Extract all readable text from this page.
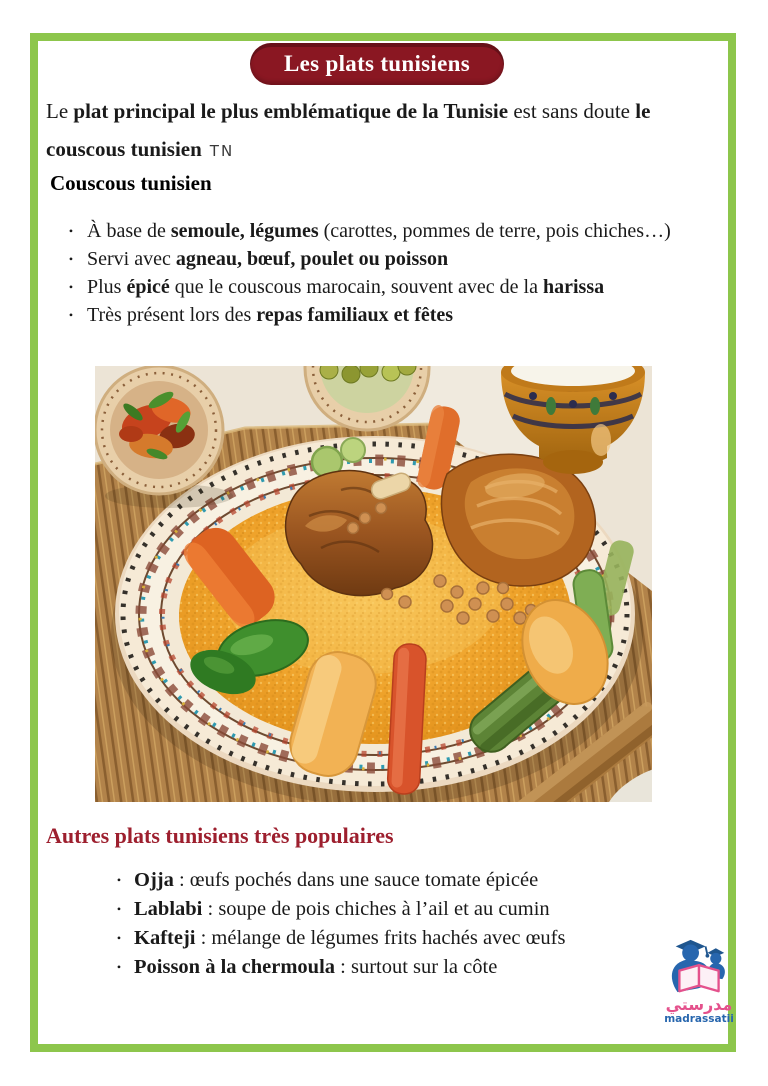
Les plats tunisiens

Le plat principal le plus emblématique de la Tunisie est sans doute le couscous tunisien TN

Couscous tunisien
• À base de semoule, légumes (carottes, pommes de terre, pois chiches…)
• Servi avec agneau, bœuf, poulet ou poisson
• Plus épicé que le couscous marocain, souvent avec de la harissa
• Très présent lors des repas familiaux et fêtes
Autres plats tunisiens très populaires
• Ojja : œufs pochés dans une sauce tomate épicée
• Lablabi : soupe de pois chiches à l’ail et au cumin
• Kafteji : mélange de légumes frits hachés avec œufs
• Poisson à la chermoula : surtout sur la côte
مدرستي
madrassatii
